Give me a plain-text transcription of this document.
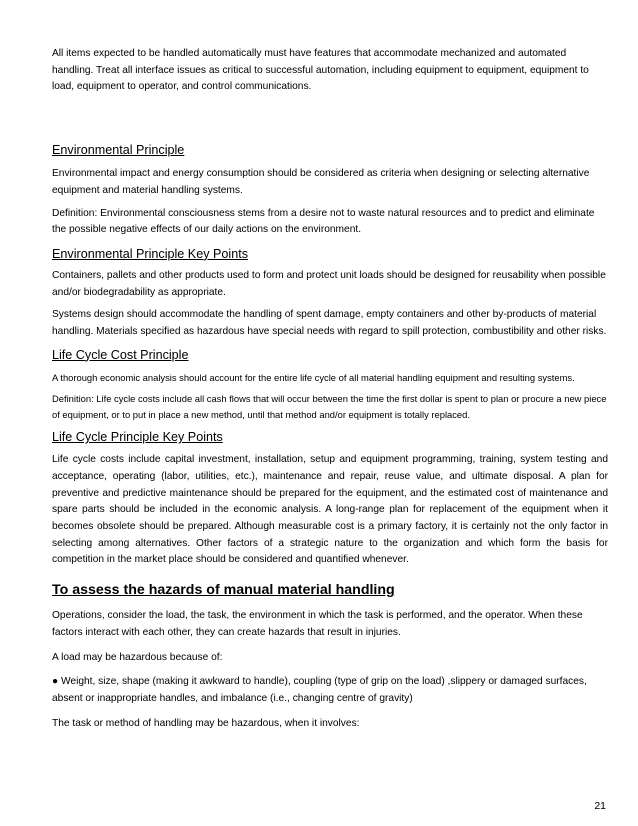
All items expected to be handled automatically must have features that accommodate mechanized and automated handling. Treat all interface issues as critical to successful automation, including equipment to equipment, equipment to load, equipment to operator, and control communications.

Environmental Principle

Environmental impact and energy consumption should be considered as criteria when designing or selecting alternative equipment and material handling systems.

Definition: Environmental consciousness stems from a desire not to waste natural resources and to predict and eliminate the possible negative effects of our daily actions on the environment.

Environmental Principle Key Points

Containers, pallets and other products used to form and protect unit loads should be designed for reusability when possible and/or biodegradability as appropriate.

Systems design should accommodate the handling of spent damage, empty containers and other by-products of material handling. Materials specified as hazardous have special needs with regard to spill protection, combustibility and other risks.

Life Cycle Cost Principle

A thorough economic analysis should account for the entire life cycle of all material handling equipment and resulting systems.

Definition: Life cycle costs include all cash flows that will occur between the time the first dollar is spent to plan or procure a new piece of equipment, or to put in place a new method, until that method and/or equipment is totally replaced.

Life Cycle Principle Key Points

Life cycle costs include capital investment, installation, setup and equipment programming, training, system testing and acceptance, operating (labor, utilities, etc.), maintenance and repair, reuse value, and ultimate disposal. A plan for preventive and predictive maintenance should be prepared for the equipment, and the estimated cost of maintenance and spare parts should be included in the economic analysis. A long-range plan for replacement of the equipment when it becomes obsolete should be prepared. Although measurable cost is a primary factory, it is certainly not the only factor in selecting among alternatives. Other factors of a strategic nature to the organization and which form the basis for competition in the market place should be considered and quantified whenever.

To assess the hazards of manual material handling

Operations, consider the load, the task, the environment in which the task is performed, and the operator. When these factors interact with each other, they can create hazards that result in injuries.

A load may be hazardous because of:

● Weight, size, shape (making it awkward to handle), coupling (type of grip on the load) ,slippery or damaged surfaces, absent or inappropriate handles, and imbalance (i.e., changing centre of gravity)

The task or method of handling may be hazardous, when it involves:

21
